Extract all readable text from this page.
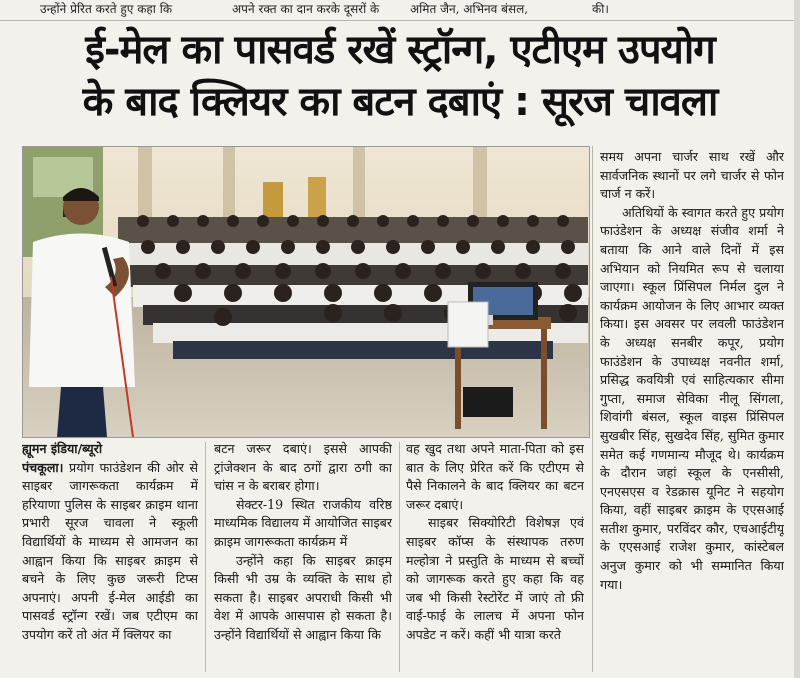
उन्होंने प्रेरित करते हुए कहा कि	अपने रक्त का दान करके दूसरों के	अमित जैन, अभिनव बंसल,	की।
ई-मेल का पासवर्ड रखें स्ट्रॉन्ग, एटीएम उपयोग
के बाद क्लियर का बटन दबाएं : सूरज चावला

ह्यूमन इंडिया/ब्यूरो

पंचकूला। प्रयोग फाउंडेशन की ओर से साइबर जागरूकता कार्यक्रम में हरियाणा पुलिस के साइबर क्राइम थाना प्रभारी सूरज चावला ने स्कूली विद्यार्थियों के माध्यम से आमजन का आह्वान किया कि साइबर क्राइम से बचने के लिए कुछ जरूरी टिप्स अपनाएं। अपनी ई-मेल आईडी का पासवर्ड स्ट्रॉन्ग रखें। जब एटीएम का उपयोग करें तो अंत में क्लियर का

बटन जरूर दबाएं। इससे आपकी ट्रांजेक्शन के बाद ठगों द्वारा ठगी का चांस न के बराबर होगा।

सेक्टर-19 स्थित राजकीय वरिष्ठ माध्यमिक विद्यालय में आयोजित साइबर क्राइम जागरूकता कार्यक्रम में

उन्होंने कहा कि साइबर क्राइम किसी भी उम्र के व्यक्ति के साथ हो सकता है। साइबर अपराधी किसी भी वेश में आपके आसपास हो सकता है। उन्होंने विद्यार्थियों से आह्वान किया कि

वह खुद तथा अपने माता-पिता को इस बात के लिए प्रेरित करें कि एटीएम से पैसे निकालने के बाद क्लियर का बटन जरूर दबाएं।

साइबर सिक्योरिटी विशेषज्ञ एवं साइबर कॉप्स के संस्थापक तरुण मल्होत्रा ने प्रस्तुति के माध्यम से बच्चों को जागरूक करते हुए कहा कि वह जब भी किसी रेस्टोरेंट में जाएं तो फ्री वाई-फाई के लालच में अपना फोन अपडेट न करें। कहीं भी यात्रा करते

समय अपना चार्जर साथ रखें और सार्वजनिक स्थानों पर लगे चार्जर से फोन चार्ज न करें।

अतिथियों के स्वागत करते हुए प्रयोग फाउंडेशन के अध्यक्ष संजीव शर्मा ने बताया कि आने वाले दिनों में इस अभियान को नियमित रूप से चलाया जाएगा। स्कूल प्रिंसिपल निर्मल दुल ने कार्यक्रम आयोजन के लिए आभार व्यक्त किया। इस अवसर पर लवली फाउंडेशन के अध्यक्ष सनबीर कपूर, प्रयोग फाउंडेशन के उपाध्यक्ष नवनीत शर्मा, प्रसिद्ध कवयित्री एवं साहित्यकार सीमा गुप्ता, समाज सेविका नीलू सिंगला, शिवांगी बंसल, स्कूल वाइस प्रिंसिपल सुखबीर सिंह, सुखदेव सिंह, सुमित कुमार समेत कई गणमान्य मौजूद थे। कार्यक्रम के दौरान जहां स्कूल के एनसीसी, एनएसएस व रेडक्रास यूनिट ने सहयोग किया, वहीं साइबर क्राइम के एएसआई सतीश कुमार, परविंदर कौर, एचआईटीयू के एएसआई राजेश कुमार, कांस्टेबल अनुज कुमार को भी सम्मानित किया गया।
